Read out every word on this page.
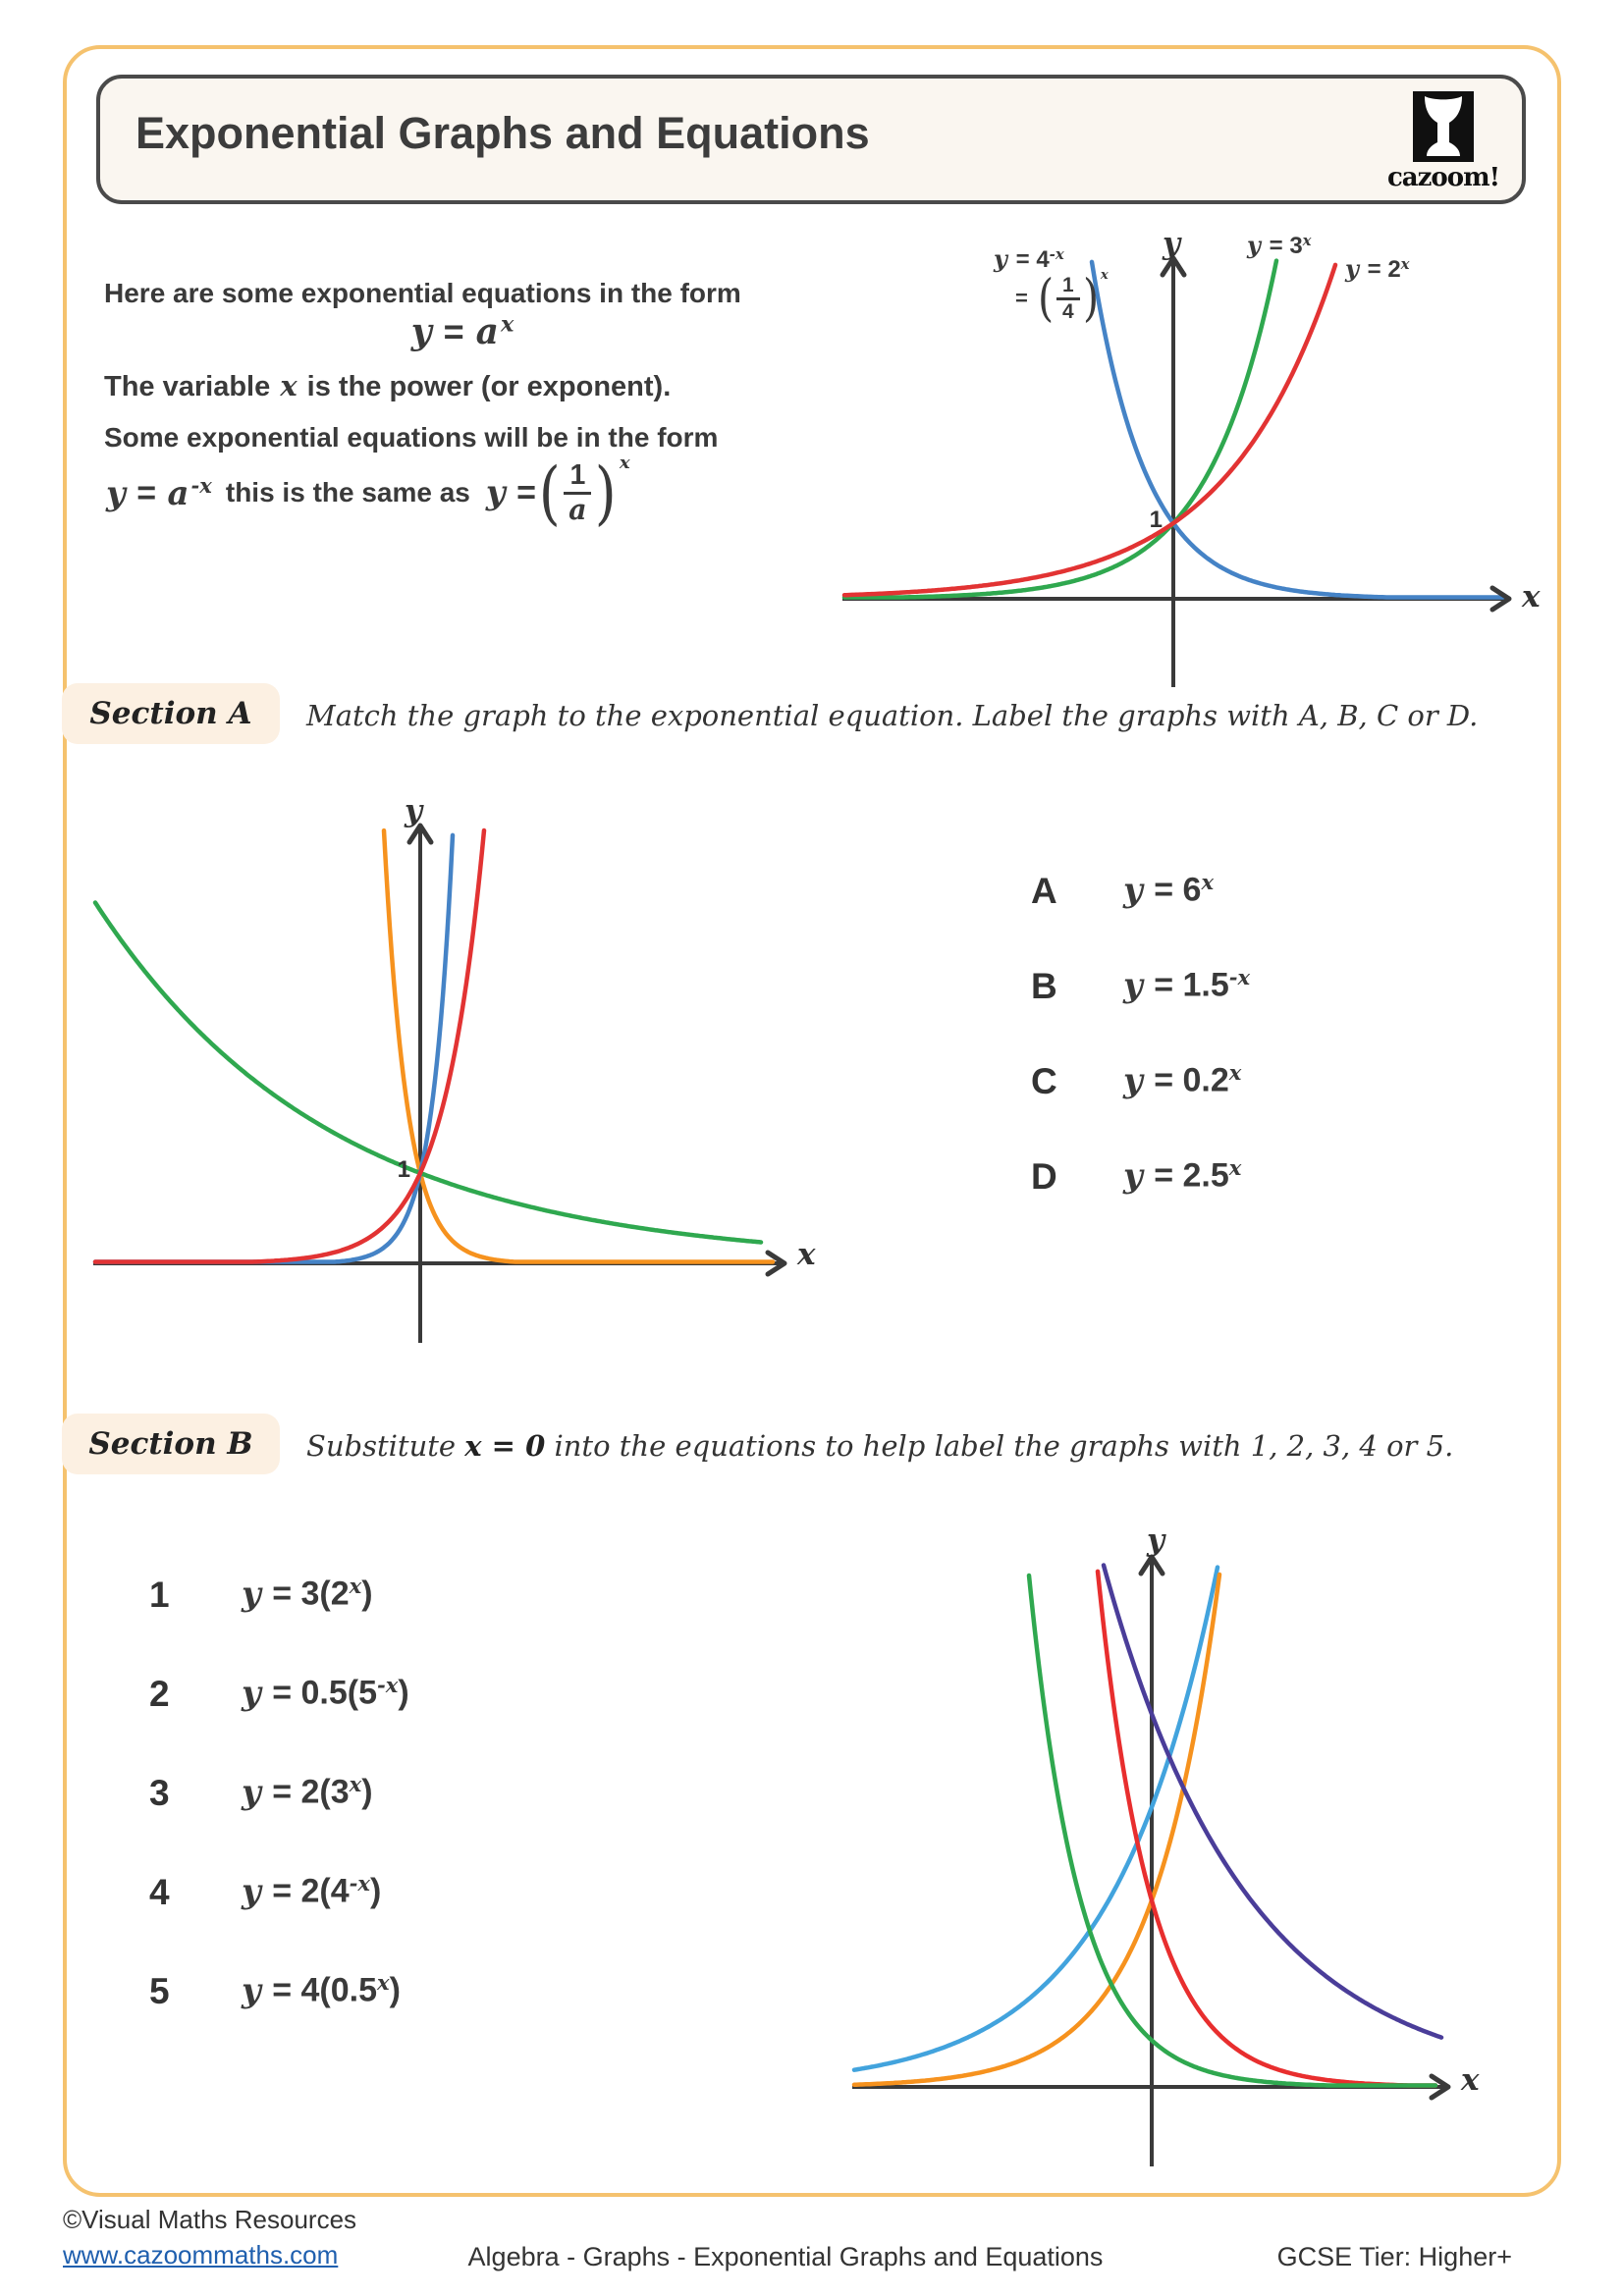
Exponential Graphs and Equations
cazoom!
Here are some exponential equations in the form
$y = a^x$
The variable x is the power (or exponent).
Some exponential equations will be in the form
$y = a^{-x}$ this is the same as y = ( $\frac{1}{a}$ ) x
y
x
1
$y = 4^{-x}$
= ( $\frac{1}{4}$ ) x
$y = 3^x$
$y = 2^x$
Section A Match the graph to the exponential equation. Label the graphs with A, B, C or D.
y
x
1
A	$y = 6^x$
B	$y = 1.5^{-x}$
C	$y = 0.2^x$
D	$y = 2.5^x$
Section B Substitute x = 0 into the equations to help label the graphs with 1, 2, 3, 4 or 5.
1	$y = 3(2^x)$
2	$y = 0.5(5^{-x})$
3	$y = 2(3^x)$
4	$y = 2(4^{-x})$
5	$y = 4(0.5^x)$
y
x
©Visual Maths Resources
www.cazoommaths.com	Algebra - Graphs - Exponential Graphs and Equations	GCSE Tier: Higher+
